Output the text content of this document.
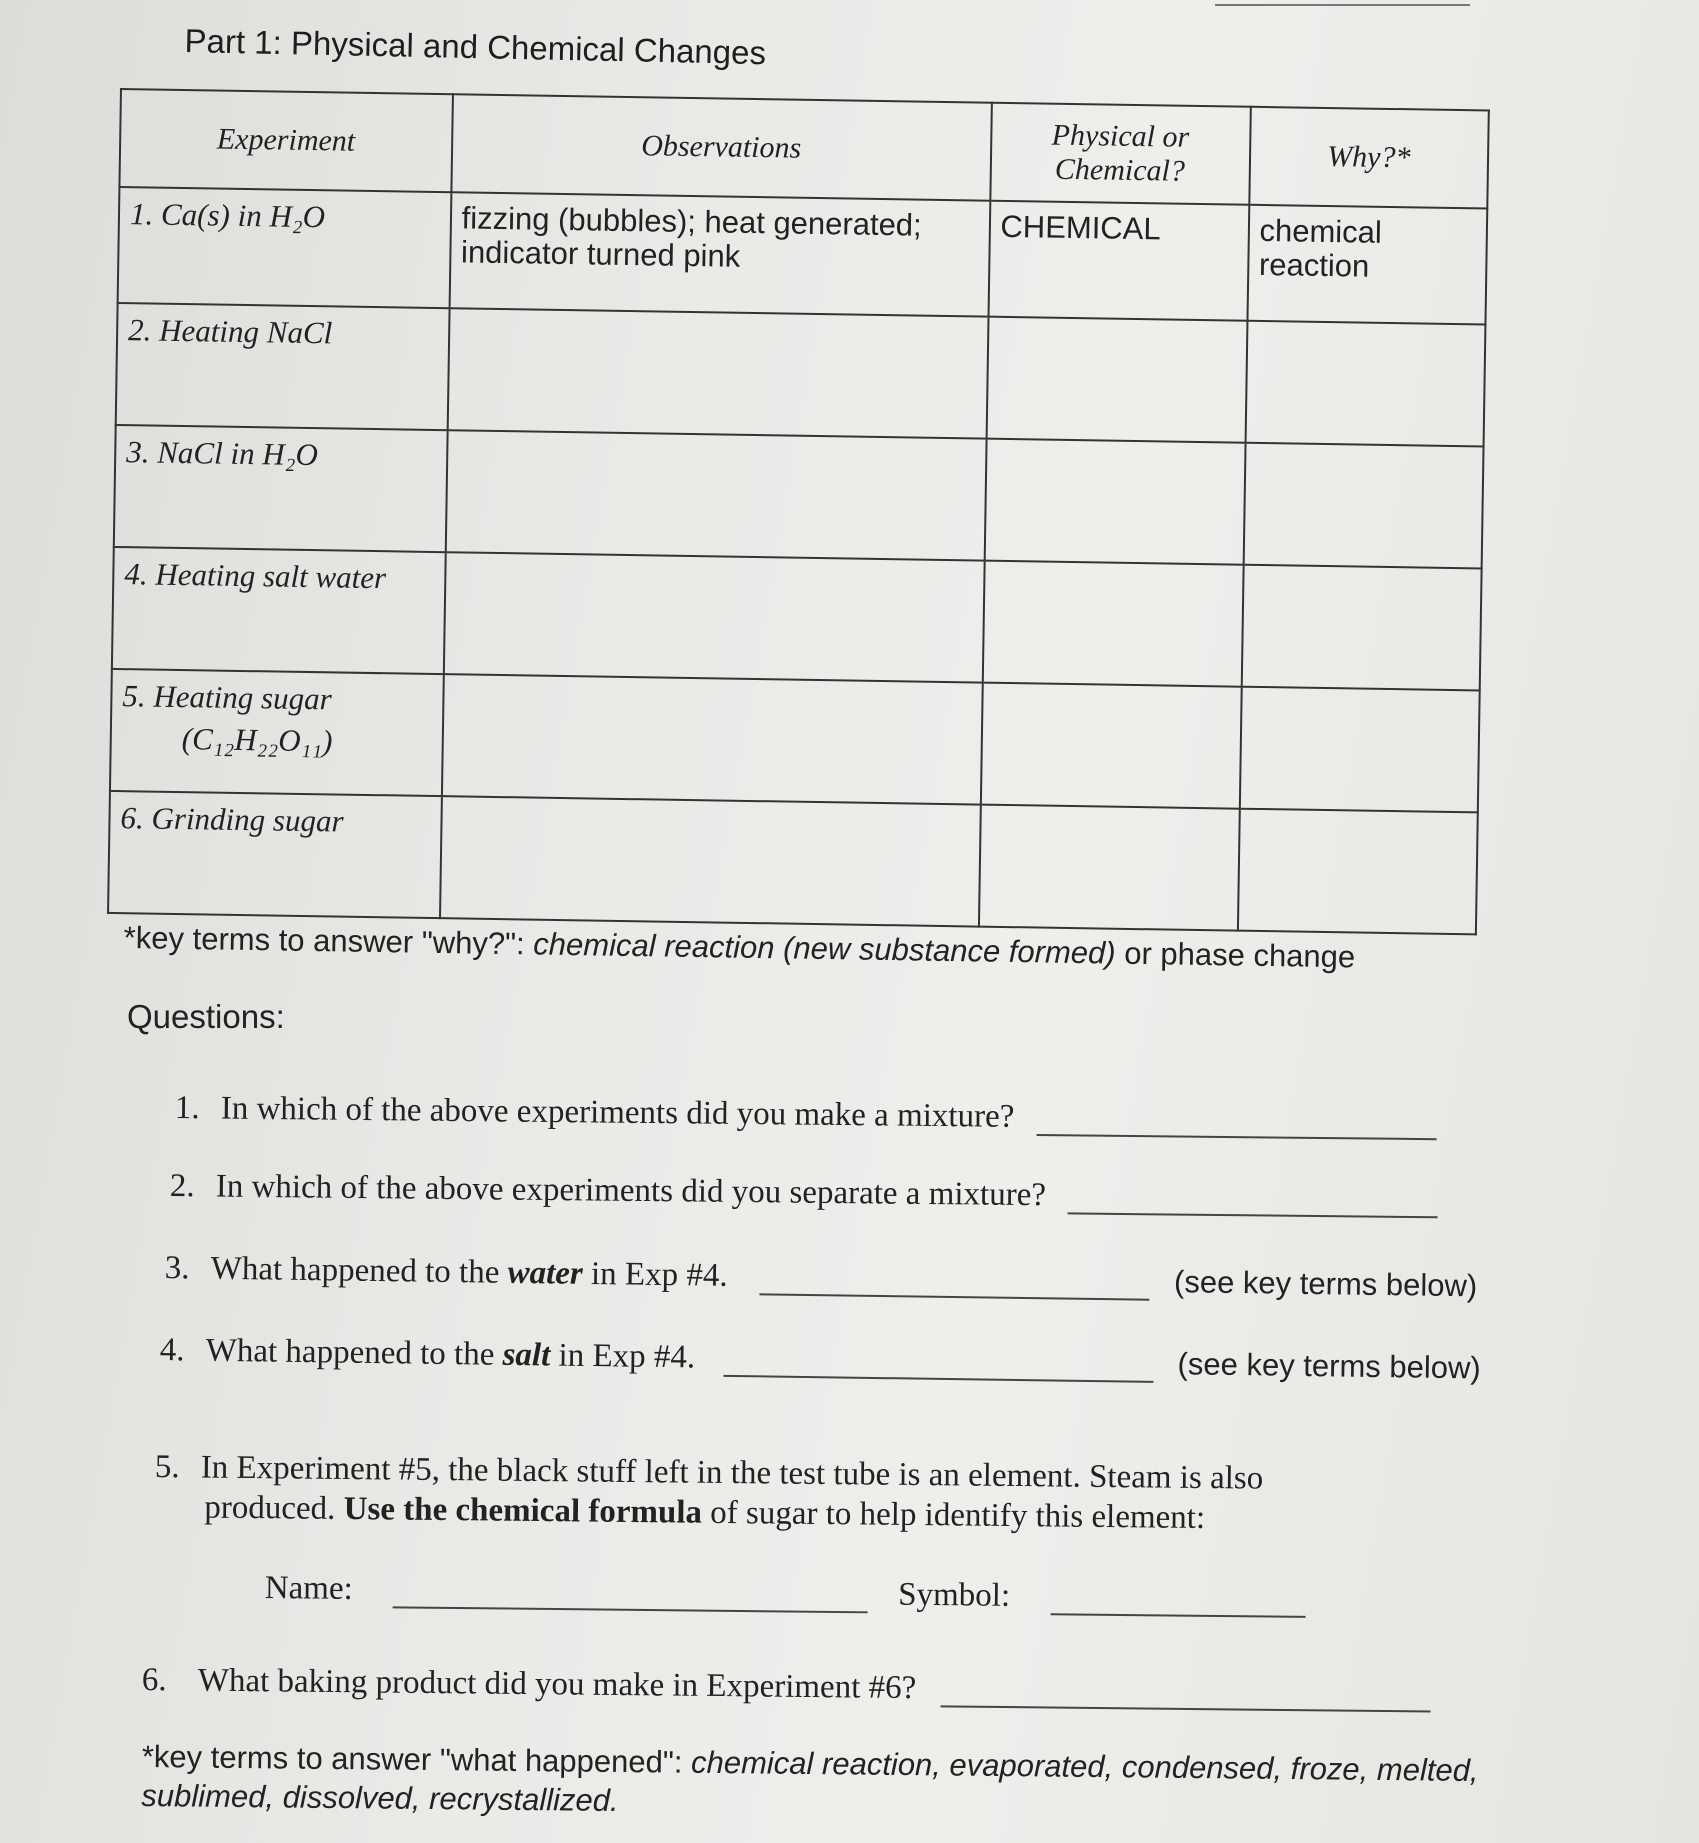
Part 1: Physical and Chemical Changes
Experiment	Observations	Physical or Chemical?	Why?*
1. Ca(s) in H₂O	fizzing (bubbles); heat generated; indicator turned pink	CHEMICAL	chemical reaction
2. Heating NaCl			
3. NaCl in H₂O			
4. Heating salt water			
5. Heating sugar
(C₁₂H₂₂O₁₁)			

6. Grinding sugar			
*key terms to answer "why?": chemical reaction (new substance formed) or phase change
Questions:
1. In which of the above experiments did you make a mixture?
2. In which of the above experiments did you separate a mixture?
3. What happened to the water in Exp #4.	(see key terms below)
4. What happened to the salt in Exp #4.	(see key terms below)
5. In Experiment #5, the black stuff left in the test tube is an element. Steam is also
produced. Use the chemical formula of sugar to help identify this element:
Name:	Symbol:
6. What baking product did you make in Experiment #6?
*key terms to answer "what happened": chemical reaction, evaporated, condensed, froze, melted, sublimed, dissolved, recrystallized.
